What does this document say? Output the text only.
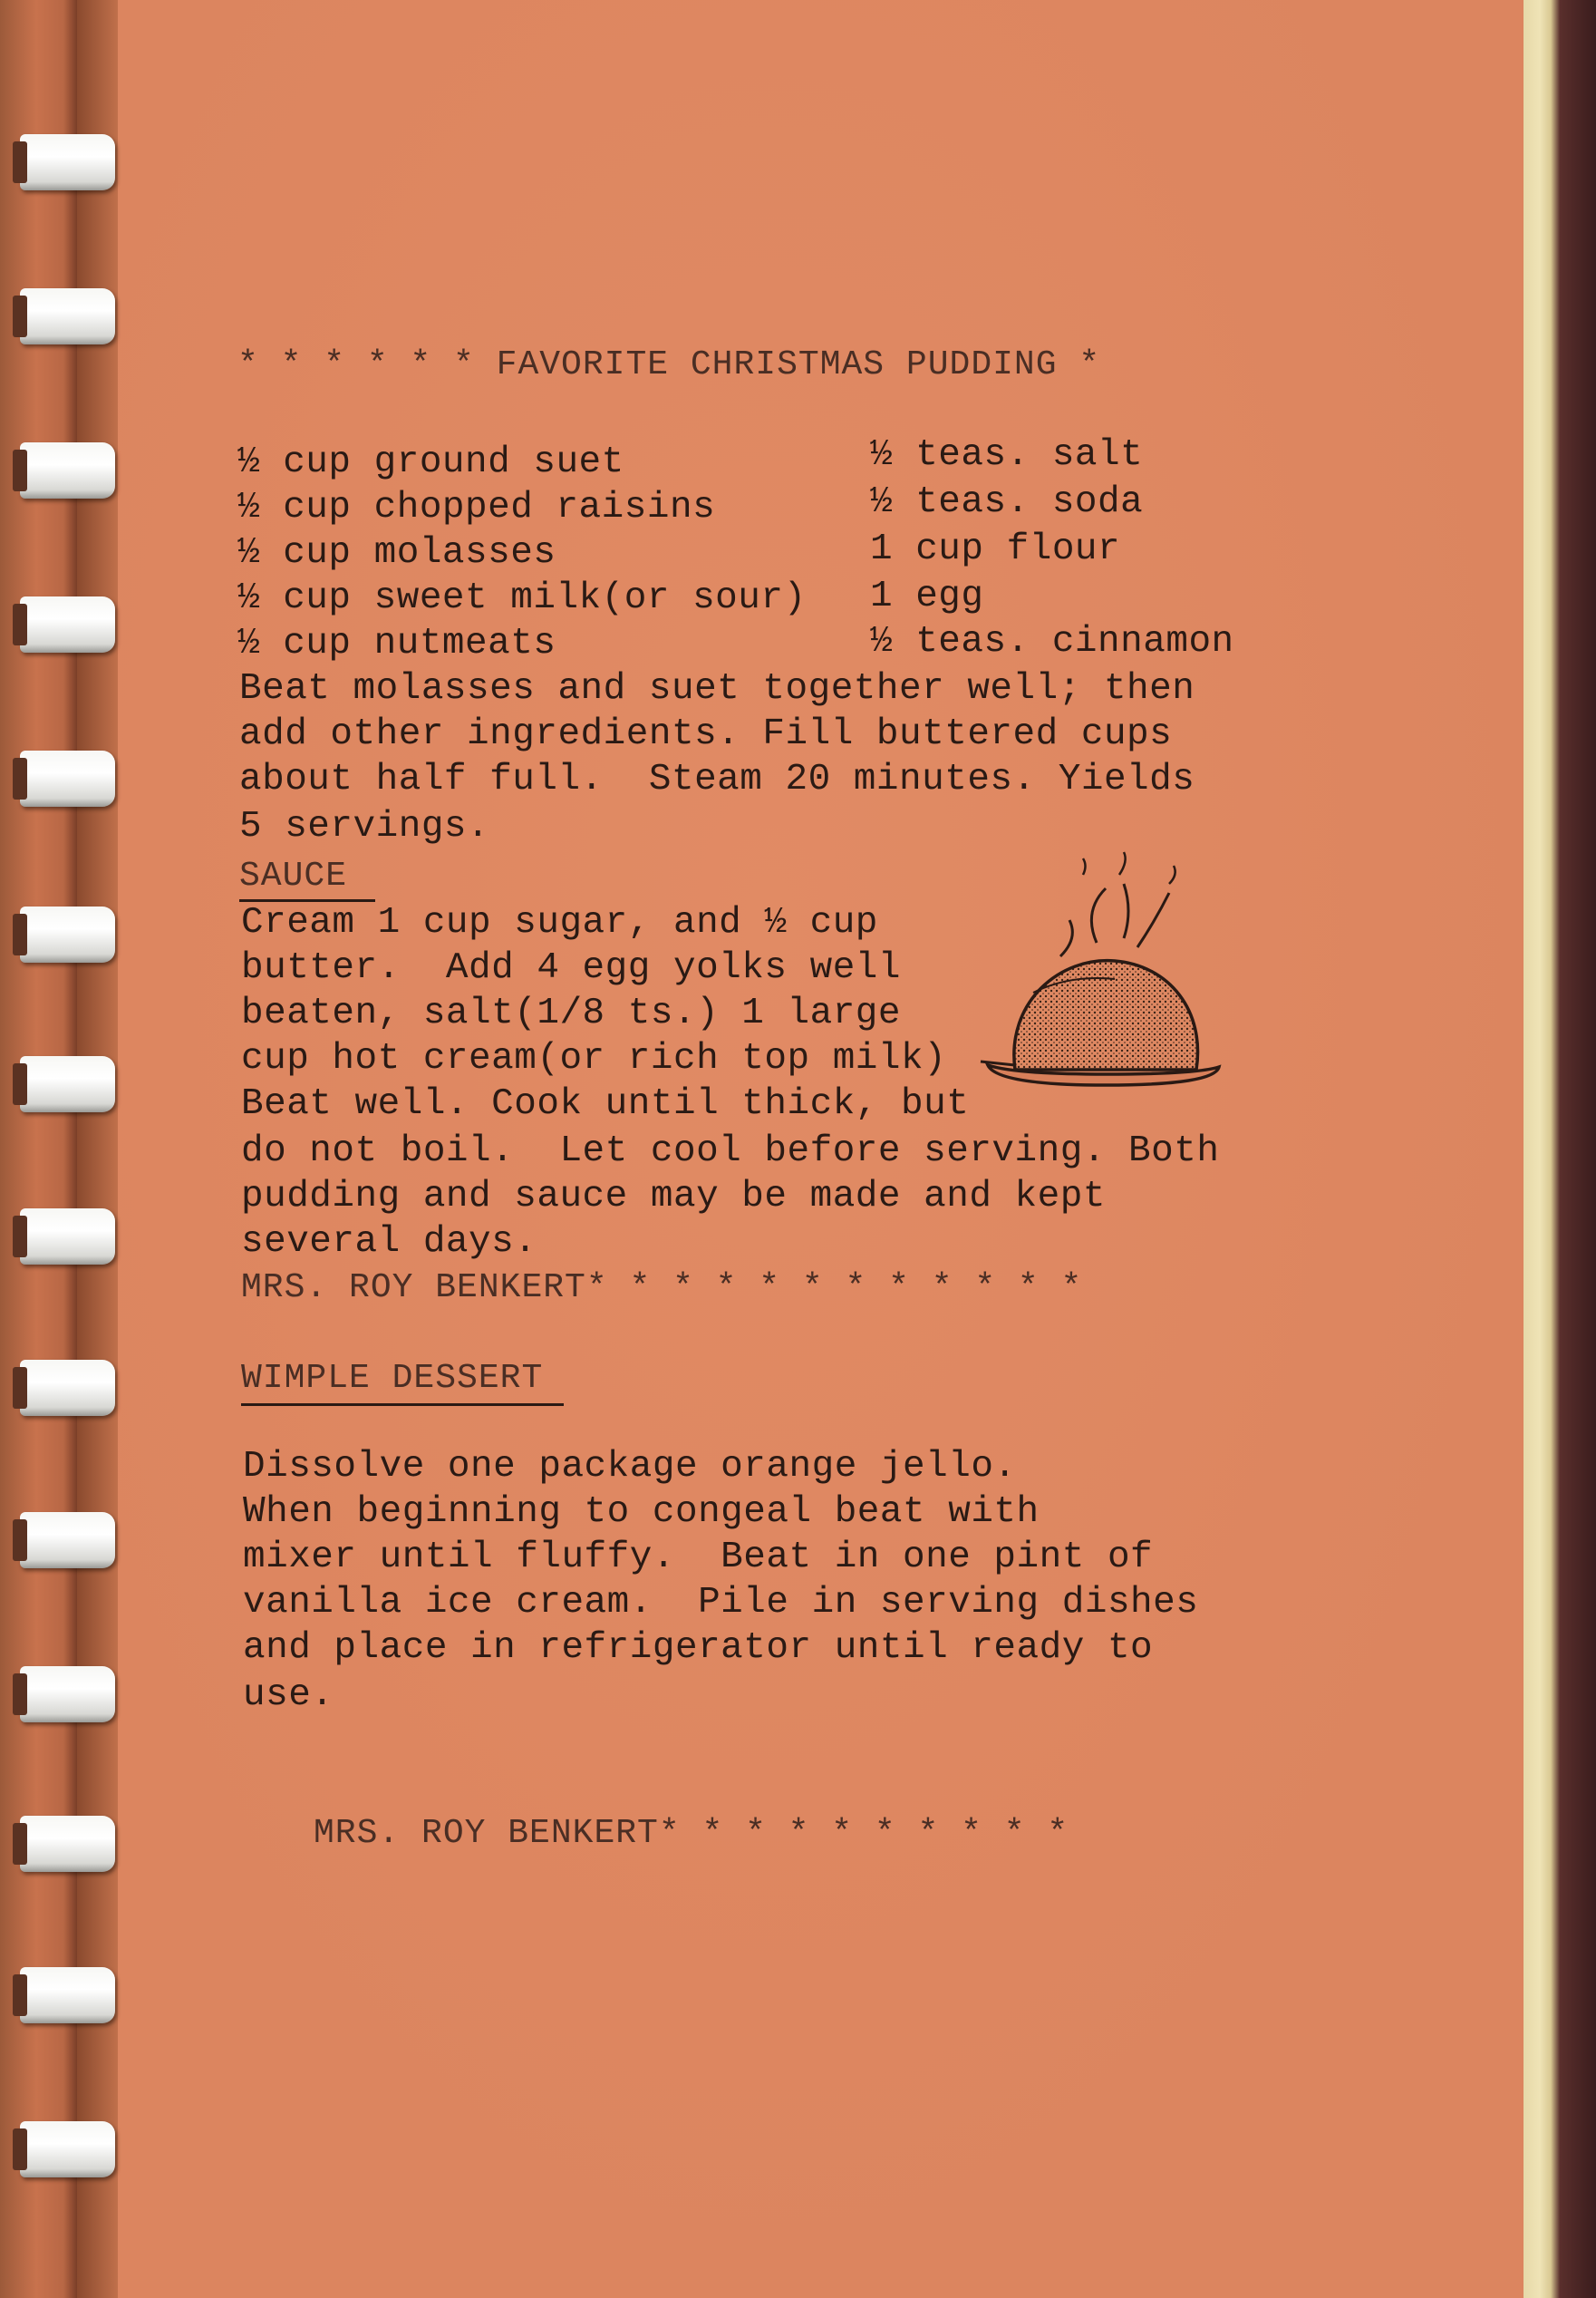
* * * * * * FAVORITE CHRISTMAS PUDDING *
½ cup ground suet
½ cup chopped raisins
½ cup molasses
½ cup sweet milk(or sour)
½ cup nutmeats
½ teas. salt
½ teas. soda
1 cup flour
1 egg
½ teas. cinnamon
Beat molasses and suet together well; then
add other ingredients. Fill buttered cups
about half full.  Steam 20 minutes. Yields
5 servings.
SAUCE
Cream 1 cup sugar, and ½ cup
butter.  Add 4 egg yolks well
beaten, salt(1/8 ts.) 1 large
cup hot cream(or rich top milk)
Beat well. Cook until thick, but
do not boil.  Let cool before serving. Both
pudding and sauce may be made and kept
several days.
MRS. ROY BENKERT* * * * * * * * * * * *
WIMPLE DESSERT
Dissolve one package orange jello.
When beginning to congeal beat with
mixer until fluffy.  Beat in one pint of
vanilla ice cream.  Pile in serving dishes
and place in refrigerator until ready to
use.
MRS. ROY BENKERT* * * * * * * * * *
